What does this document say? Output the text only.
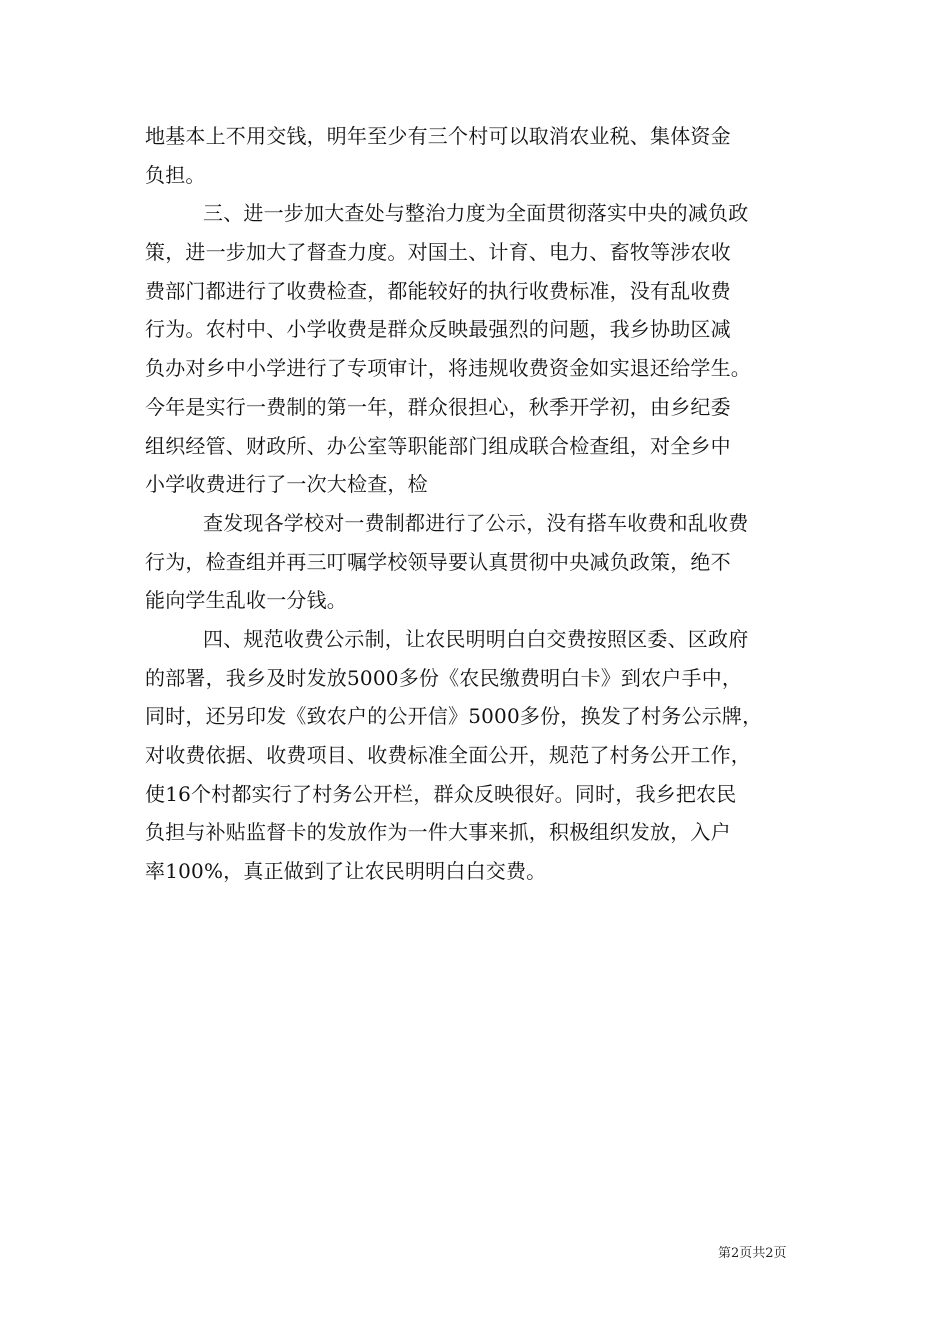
地基本上不用交钱，明年至少有三个村可以取消农业税、集体资金
负担。
三、进一步加大查处与整治力度为全面贯彻落实中央的减负政
策，进一步加大了督查力度。对国土、计育、电力、畜牧等涉农收
费部门都进行了收费检查，都能较好的执行收费标准，没有乱收费
行为。农村中、小学收费是群众反映最强烈的问题，我乡协助区减
负办对乡中小学进行了专项审计，将违规收费资金如实退还给学生。
今年是实行一费制的第一年，群众很担心，秋季开学初，由乡纪委
组织经管、财政所、办公室等职能部门组成联合检查组，对全乡中
小学收费进行了一次大检查，检
查发现各学校对一费制都进行了公示，没有搭车收费和乱收费
行为，检查组并再三叮嘱学校领导要认真贯彻中央减负政策，绝不
能向学生乱收一分钱。
四、规范收费公示制，让农民明明白白交费按照区委、区政府
的部署，我乡及时发放5000多份《农民缴费明白卡》到农户手中，
同时，还另印发《致农户的公开信》5000多份，换发了村务公示牌，
对收费依据、收费项目、收费标准全面公开，规范了村务公开工作，
使16个村都实行了村务公开栏，群众反映很好。同时，我乡把农民
负担与补贴监督卡的发放作为一件大事来抓，积极组织发放，入户
率100%，真正做到了让农民明明白白交费。
第2页共2页
